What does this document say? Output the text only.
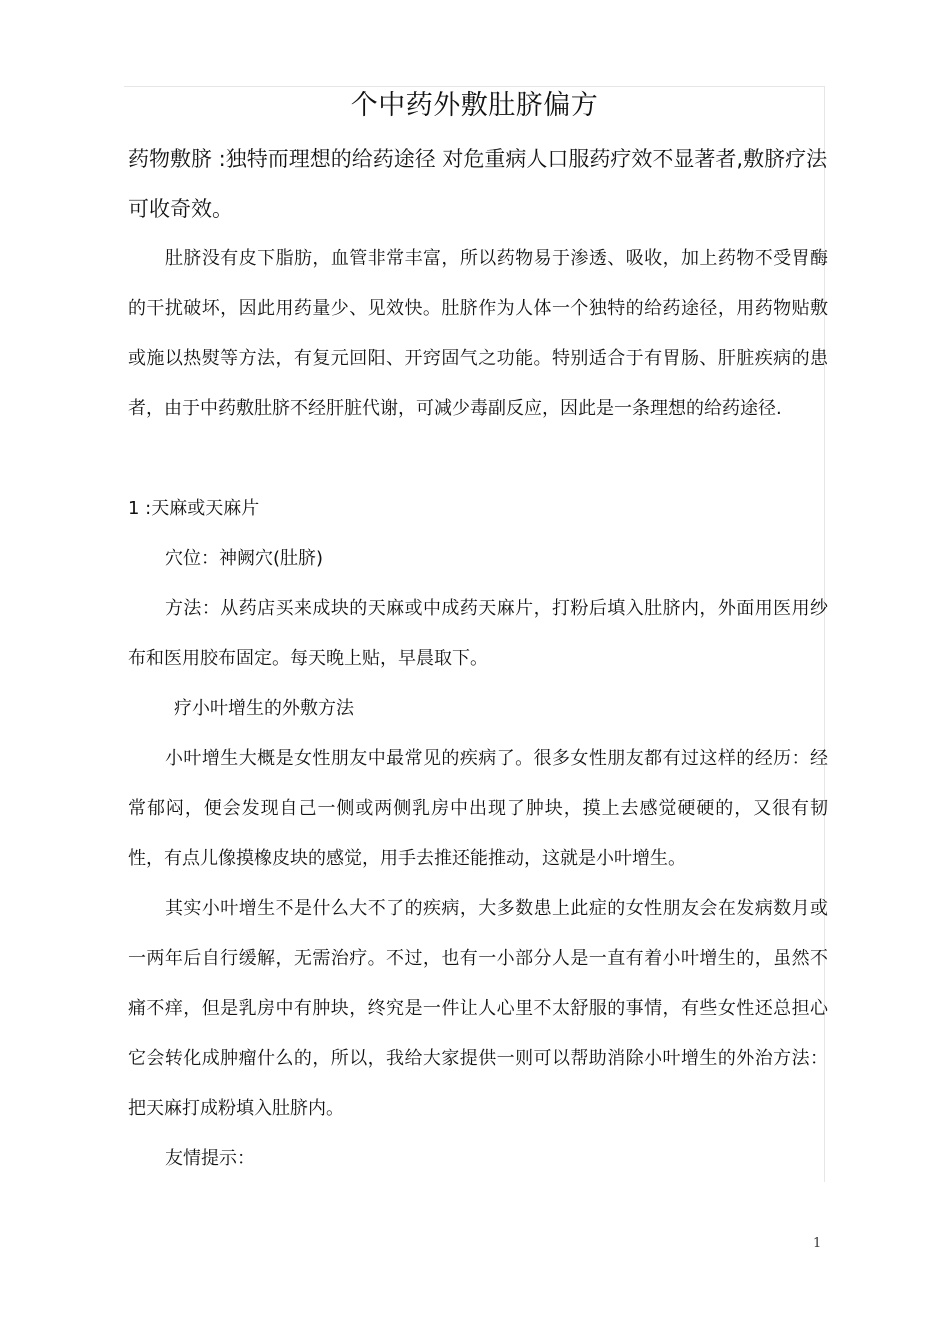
个中药外敷肚脐偏方

药物敷脐 :独特而理想的给药途径 对危重病人口服药疗效不显著者,敷脐疗法可收奇效。

肚脐没有皮下脂肪，血管非常丰富，所以药物易于渗透、吸收，加上药物不受胃酶的干扰破坏，因此用药量少、见效快。肚脐作为人体一个独特的给药途径，用药物贴敷或施以热熨等方法，有复元回阳、开窍固气之功能。特别适合于有胃肠、肝脏疾病的患者，由于中药敷肚脐不经肝脏代谢，可减少毒副反应，因此是一条理想的给药途径.

1 :天麻或天麻片

穴位：神阙穴(肚脐)

方法：从药店买来成块的天麻或中成药天麻片，打粉后填入肚脐内，外面用医用纱布和医用胶布固定。每天晚上贴，早晨取下。

疗小叶增生的外敷方法

小叶增生大概是女性朋友中最常见的疾病了。很多女性朋友都有过这样的经历：经常郁闷，便会发现自己一侧或两侧乳房中出现了肿块，摸上去感觉硬硬的，又很有韧性，有点儿像摸橡皮块的感觉，用手去推还能推动，这就是小叶增生。

其实小叶增生不是什么大不了的疾病，大多数患上此症的女性朋友会在发病数月或一两年后自行缓解，无需治疗。不过，也有一小部分人是一直有着小叶增生的，虽然不痛不痒，但是乳房中有肿块，终究是一件让人心里不太舒服的事情，有些女性还总担心它会转化成肿瘤什么的，所以，我给大家提供一则可以帮助消除小叶增生的外治方法：把天麻打成粉填入肚脐内。

友情提示：

1
